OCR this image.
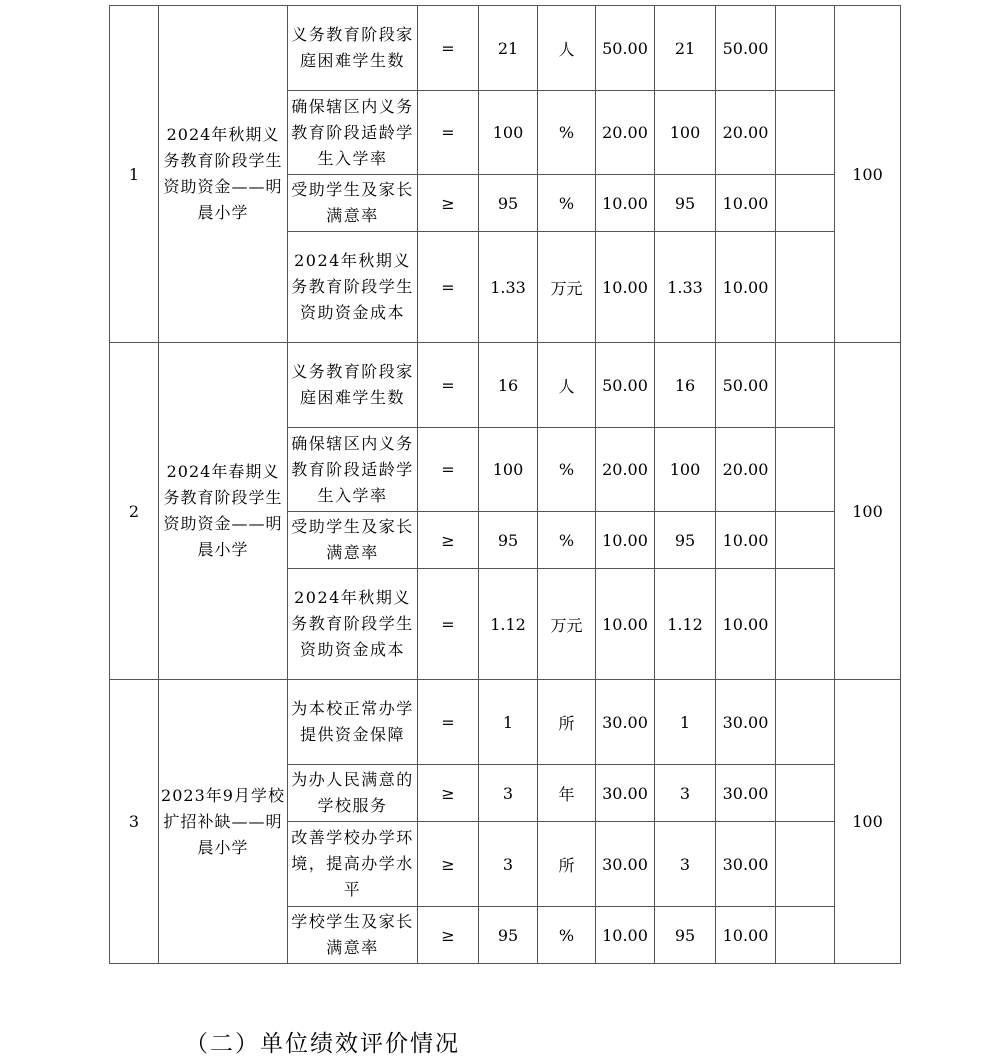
1	2024年秋期义务教育阶段学生资助资金——明晨小学	义务教育阶段家庭困难学生数	=	21	人	50.00	21	50.00		100
		确保辖区内义务教育阶段适龄学生入学率	=	100	%	20.00	100	20.00		
		受助学生及家长满意率	≥	95	%	10.00	95	10.00		
		2024年秋期义务教育阶段学生资助资金成本	=	1.33	万元	10.00	1.33	10.00		
2	2024年春期义务教育阶段学生资助资金——明晨小学	义务教育阶段家庭困难学生数	=	16	人	50.00	16	50.00		100
		确保辖区内义务教育阶段适龄学生入学率	=	100	%	20.00	100	20.00		
		受助学生及家长满意率	≥	95	%	10.00	95	10.00		
		2024年秋期义务教育阶段学生资助资金成本	=	1.12	万元	10.00	1.12	10.00		
3	2023年9月学校扩招补缺——明晨小学	为本校正常办学提供资金保障	=	1	所	30.00	1	30.00		100
		为办人民满意的学校服务	≥	3	年	30.00	3	30.00		
		改善学校办学环境，提高办学水平	≥	3	所	30.00	3	30.00		
		学校学生及家长满意率	≥	95	%	10.00	95	10.00		
（二）单位绩效评价情况
